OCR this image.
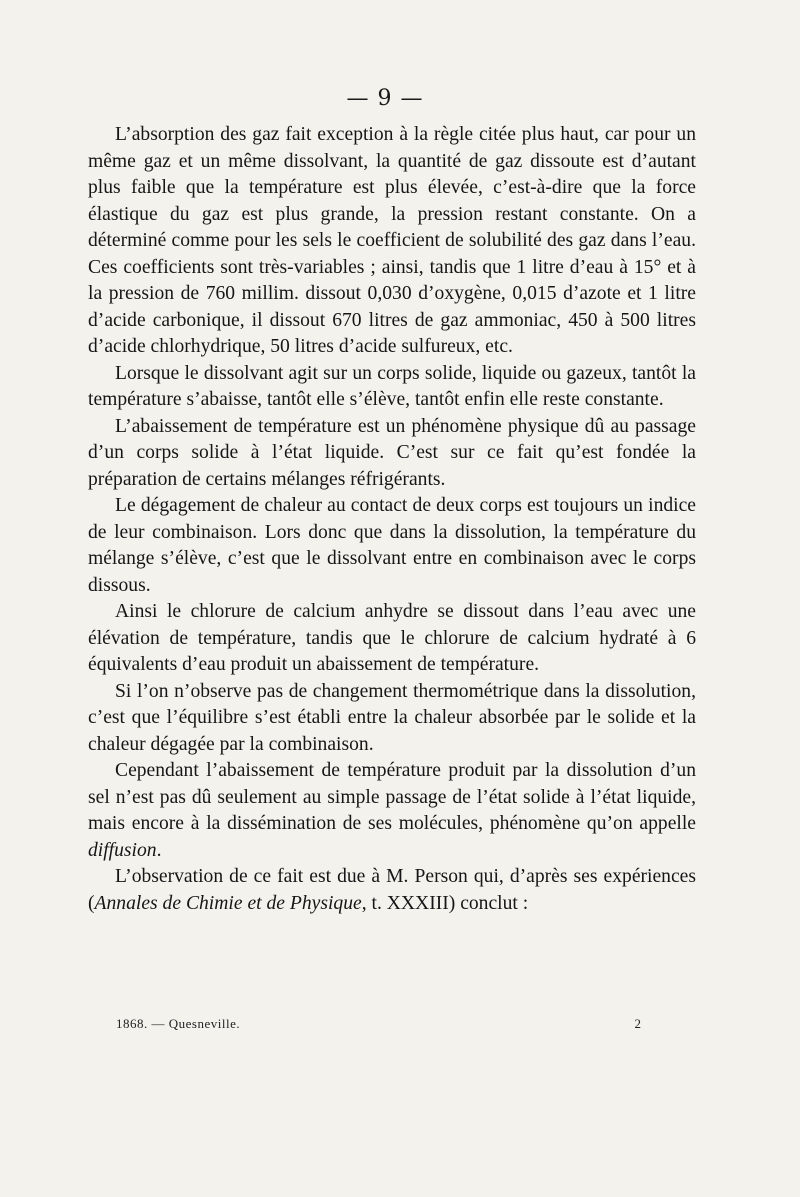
— 9 —

L’absorption des gaz fait exception à la règle citée plus haut, car pour un même gaz et un même dissolvant, la quantité de gaz dissoute est d’autant plus faible que la température est plus élevée, c’est-à-dire que la force élastique du gaz est plus grande, la pression restant constante. On a déterminé comme pour les sels le coefficient de solubilité des gaz dans l’eau. Ces coefficients sont très-variables ; ainsi, tandis que 1 litre d’eau à 15° et à la pression de 760 millim. dissout 0,030 d’oxygène, 0,015 d’azote et 1 litre d’acide carbonique, il dissout 670 litres de gaz ammoniac, 450 à 500 litres d’acide chlorhydrique, 50 litres d’acide sulfureux, etc.

Lorsque le dissolvant agit sur un corps solide, liquide ou gazeux, tantôt la température s’abaisse, tantôt elle s’élève, tantôt enfin elle reste constante.

L’abaissement de température est un phénomène physique dû au passage d’un corps solide à l’état liquide. C’est sur ce fait qu’est fondée la préparation de certains mélanges réfrigérants.

Le dégagement de chaleur au contact de deux corps est toujours un indice de leur combinaison. Lors donc que dans la dissolution, la température du mélange s’élève, c’est que le dissolvant entre en combinaison avec le corps dissous.

Ainsi le chlorure de calcium anhydre se dissout dans l’eau avec une élévation de température, tandis que le chlorure de calcium hydraté à 6 équivalents d’eau produit un abaissement de température.

Si l’on n’observe pas de changement thermométrique dans la dissolution, c’est que l’équilibre s’est établi entre la chaleur absorbée par le solide et la chaleur dégagée par la combinaison.

Cependant l’abaissement de température produit par la dissolution d’un sel n’est pas dû seulement au simple passage de l’état solide à l’état liquide, mais encore à la dissémination de ses molécules, phénomène qu’on appelle diffusion.

L’observation de ce fait est due à M. Person qui, d’après ses expériences (Annales de Chimie et de Physique, t. XXXIII) conclut :

1868. — Quesneville.	2
